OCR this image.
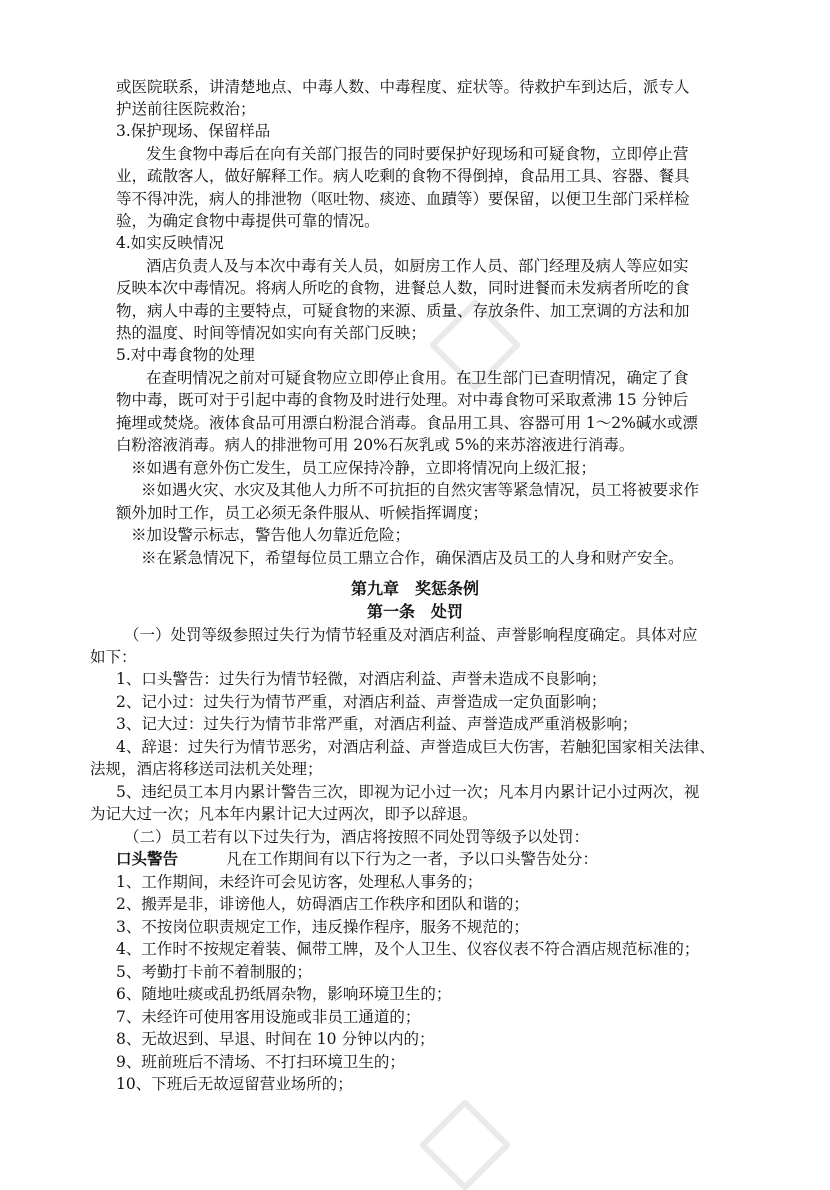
或医院联系，讲清楚地点、中毒人数、中毒程度、症状等。待救护车到达后，派专人
护送前往医院救治；
3.保护现场、保留样品
发生食物中毒后在向有关部门报告的同时要保护好现场和可疑食物，立即停止营
业，疏散客人，做好解释工作。病人吃剩的食物不得倒掉，食品用工具、容器、餐具
等不得冲洗，病人的排泄物（呕吐物、痰迹、血蹟等）要保留，以便卫生部门采样检
验，为确定食物中毒提供可靠的情况。
4.如实反映情况
酒店负责人及与本次中毒有关人员，如厨房工作人员、部门经理及病人等应如实
反映本次中毒情况。将病人所吃的食物，进餐总人数，同时进餐而未发病者所吃的食
物，病人中毒的主要特点，可疑食物的来源、质量、存放条件、加工烹调的方法和加
热的温度、时间等情况如实向有关部门反映；
5.对中毒食物的处理
在查明情况之前对可疑食物应立即停止食用。在卫生部门已查明情况，确定了食
物中毒，既可对于引起中毒的食物及时进行处理。对中毒食物可采取煮沸 15 分钟后
掩埋或焚烧。液体食品可用漂白粉混合消毒。食品用工具、容器可用 1～2%碱水或漂
白粉溶液消毒。病人的排泄物可用 20%石灰乳或 5%的来苏溶液进行消毒。
※如遇有意外伤亡发生，员工应保持冷静，立即将情况向上级汇报；
※如遇火灾、水灾及其他人力所不可抗拒的自然灾害等紧急情况，员工将被要求作
额外加时工作，员工必须无条件服从、听候指挥调度；
※加设警示标志，警告他人勿靠近危险；
※在紧急情况下，希望每位员工鼎立合作，确保酒店及员工的人身和财产安全。
第九章　奖惩条例
第一条　处罚
（一）处罚等级参照过失行为情节轻重及对酒店利益、声誉影响程度确定。具体对应
如下：
1、口头警告：过失行为情节轻微，对酒店利益、声誉未造成不良影响；
2、记小过：过失行为情节严重，对酒店利益、声誉造成一定负面影响；
3、记大过：过失行为情节非常严重，对酒店利益、声誉造成严重消极影响；
4、辞退：过失行为情节恶劣，对酒店利益、声誉造成巨大伤害，若触犯国家相关法律、
法规，酒店将移送司法机关处理；
5、违纪员工本月内累计警告三次，即视为记小过一次；凡本月内累计记小过两次，视
为记大过一次；凡本年内累计记大过两次，即予以辞退。
（二）员工若有以下过失行为，酒店将按照不同处罚等级予以处罚：
口头警告	凡在工作期间有以下行为之一者，予以口头警告处分：
1、工作期间，未经许可会见访客，处理私人事务的；
2、搬弄是非，诽谤他人，妨碍酒店工作秩序和团队和谐的；
3、不按岗位职责规定工作，违反操作程序，服务不规范的；
4、工作时不按规定着装、佩带工牌，及个人卫生、仪容仪表不符合酒店规范标准的；
5、考勤打卡前不着制服的；
6、随地吐痰或乱扔纸屑杂物，影响环境卫生的；
7、未经许可使用客用设施或非员工通道的；
8、无故迟到、早退、时间在 10 分钟以内的；
9、班前班后不清场、不打扫环境卫生的；
10、下班后无故逗留营业场所的；
